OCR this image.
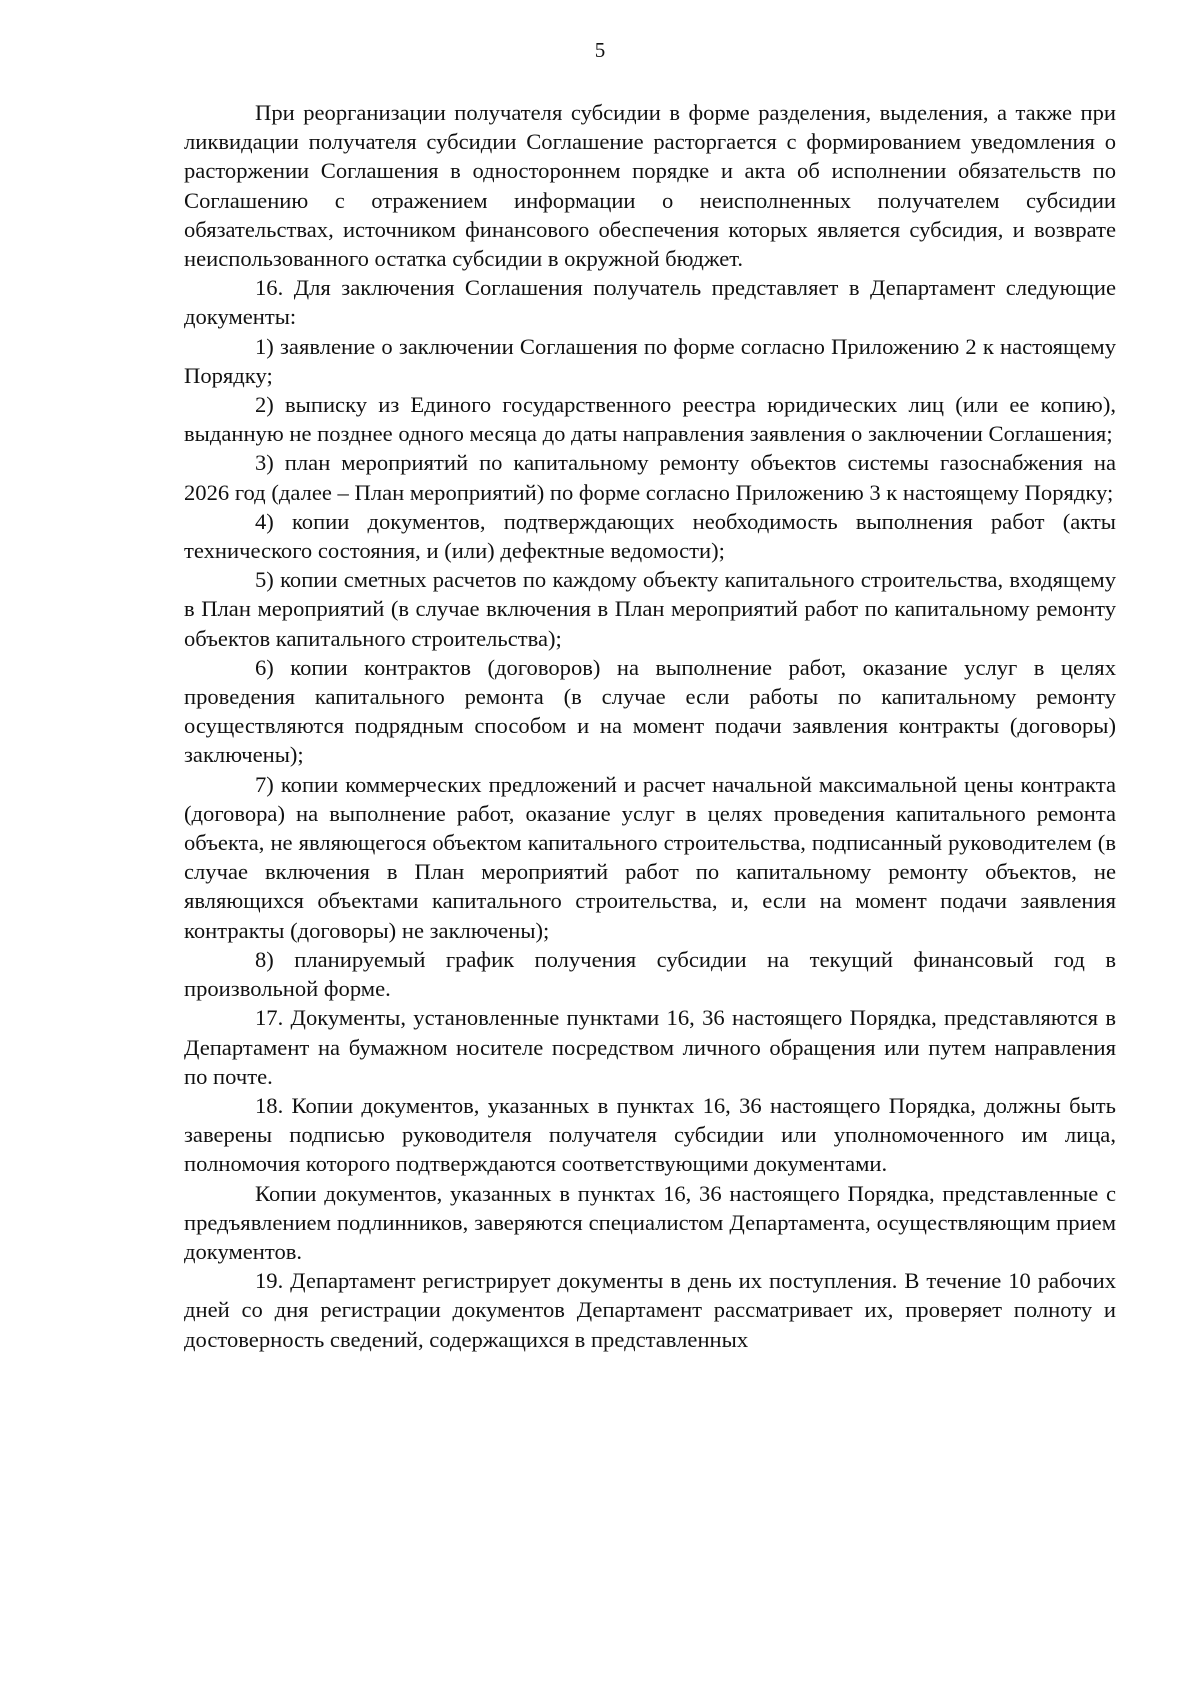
5

При реорганизации получателя субсидии в форме разделения, выделения, а также при ликвидации получателя субсидии Соглашение расторгается с формированием уведомления о расторжении Соглашения в одностороннем порядке и акта об исполнении обязательств по Соглашению с отражением информации о неисполненных получателем субсидии обязательствах, источником финансового обеспечения которых является субсидия, и возврате неиспользованного остатка субсидии в окружной бюджет.

16. Для заключения Соглашения получатель представляет в Департамент следующие документы:

1) заявление о заключении Соглашения по форме согласно Приложению 2 к настоящему Порядку;

2) выписку из Единого государственного реестра юридических лиц (или ее копию), выданную не позднее одного месяца до даты направления заявления о заключении Соглашения;

3) план мероприятий по капитальному ремонту объектов системы газоснабжения на 2026 год (далее – План мероприятий) по форме согласно Приложению 3 к настоящему Порядку;

4) копии документов, подтверждающих необходимость выполнения работ (акты технического состояния, и (или) дефектные ведомости);

5) копии сметных расчетов по каждому объекту капитального строительства, входящему в План мероприятий (в случае включения в План мероприятий работ по капитальному ремонту объектов капитального строительства);

6) копии контрактов (договоров) на выполнение работ, оказание услуг в целях проведения капитального ремонта (в случае если работы по капитальному ремонту осуществляются подрядным способом и на момент подачи заявления контракты (договоры) заключены);

7) копии коммерческих предложений и расчет начальной максимальной цены контракта (договора) на выполнение работ, оказание услуг в целях проведения капитального ремонта объекта, не являющегося объектом капитального строительства, подписанный руководителем (в случае включения в План мероприятий работ по капитальному ремонту объектов, не являющихся объектами капитального строительства, и, если на момент подачи заявления контракты (договоры) не заключены);

8) планируемый график получения субсидии на текущий финансовый год в произвольной форме.

17. Документы, установленные пунктами 16, 36 настоящего Порядка, представляются в Департамент на бумажном носителе посредством личного обращения или путем направления по почте.

18. Копии документов, указанных в пунктах 16, 36 настоящего Порядка, должны быть заверены подписью руководителя получателя субсидии или уполномоченного им лица, полномочия которого подтверждаются соответствующими документами.

Копии документов, указанных в пунктах 16, 36 настоящего Порядка, представленные с предъявлением подлинников, заверяются специалистом Департамента, осуществляющим прием документов.

19. Департамент регистрирует документы в день их поступления. В течение 10 рабочих дней со дня регистрации документов Департамент рассматривает их, проверяет полноту и достоверность сведений, содержащихся в представленных
